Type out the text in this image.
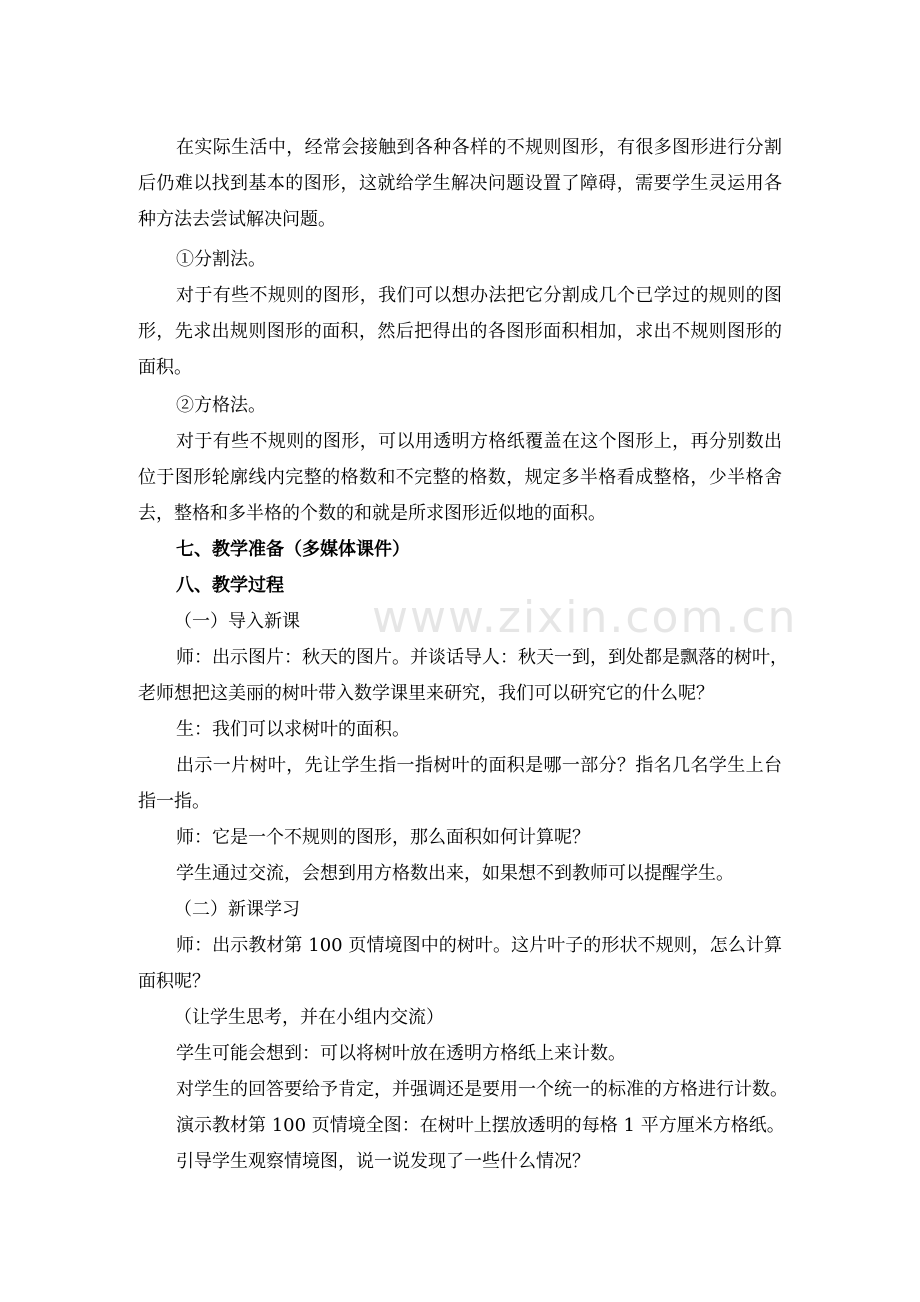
www.zixin.com.cn

在实际生活中，经常会接触到各种各样的不规则图形，有很多图形进行分割

后仍难以找到基本的图形，这就给学生解决问题设置了障碍，需要学生灵运用各

种方法去尝试解决问题。

①分割法。

对于有些不规则的图形，我们可以想办法把它分割成几个已学过的规则的图

形，先求出规则图形的面积，然后把得出的各图形面积相加，求出不规则图形的

面积。

②方格法。

对于有些不规则的图形，可以用透明方格纸覆盖在这个图形上，再分别数出

位于图形轮廓线内完整的格数和不完整的格数，规定多半格看成整格，少半格舍

去，整格和多半格的个数的和就是所求图形近似地的面积。

七、教学准备（多媒体课件）

八、教学过程

（一）导入新课

师：出示图片：秋天的图片。并谈话导人：秋天一到，到处都是飘落的树叶，

老师想把这美丽的树叶带入数学课里来研究，我们可以研究它的什么呢？

生：我们可以求树叶的面积。

出示一片树叶，先让学生指一指树叶的面积是哪一部分？指名几名学生上台

指一指。

师：它是一个不规则的图形，那么面积如何计算呢？

学生通过交流，会想到用方格数出来，如果想不到教师可以提醒学生。

（二）新课学习

师：出示教材第 100 页情境图中的树叶。这片叶子的形状不规则，怎么计算

面积呢？

（让学生思考，并在小组内交流）

学生可能会想到：可以将树叶放在透明方格纸上来计数。

对学生的回答要给予肯定，并强调还是要用一个统一的标准的方格进行计数。

演示教材第 100 页情境全图：在树叶上摆放透明的每格 1 平方厘米方格纸。

引导学生观察情境图，说一说发现了一些什么情况？
